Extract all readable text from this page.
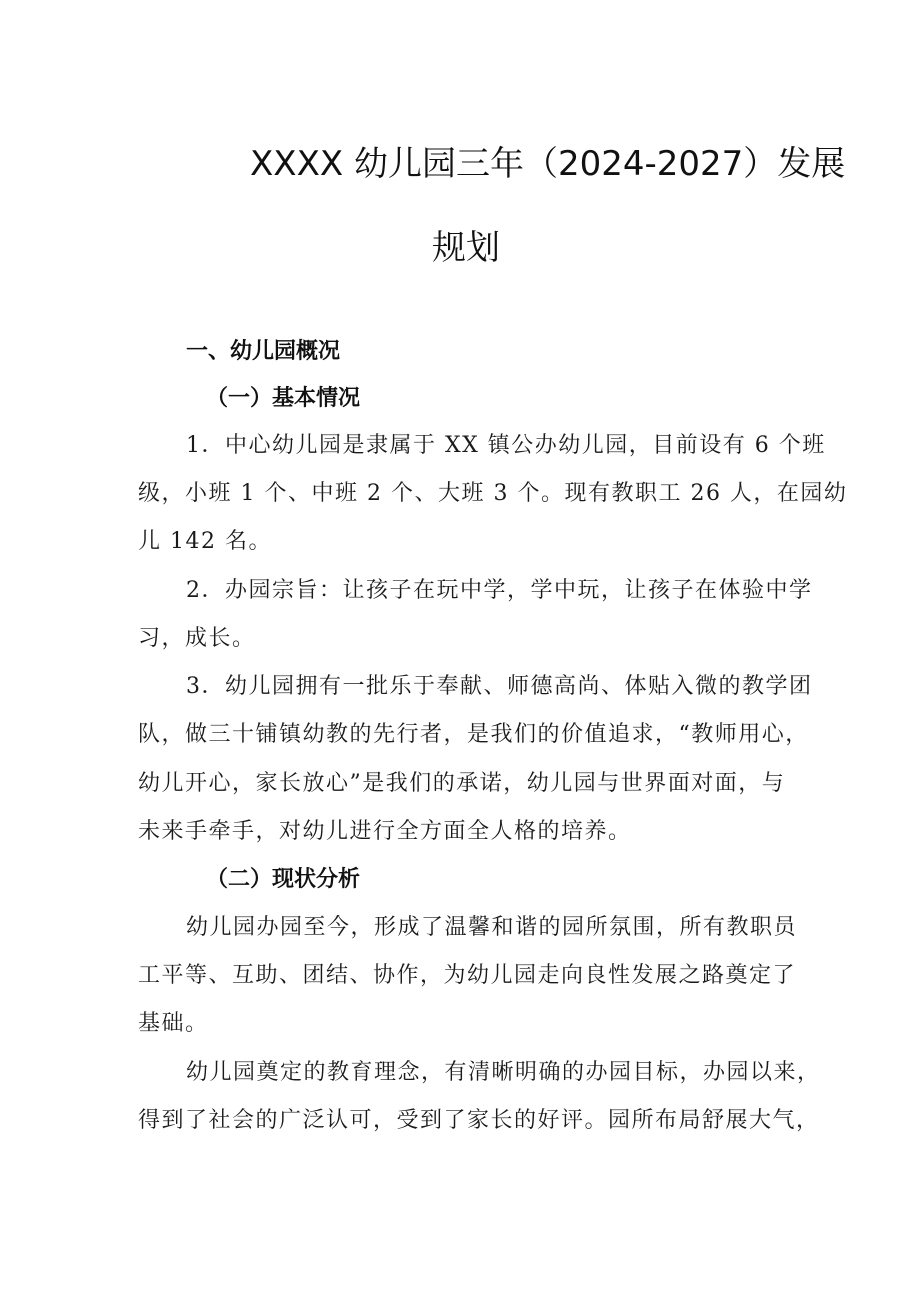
XXXX 幼儿园三年（2024-2027）发展
规划
一、幼儿园概况
（一）基本情况
1．中心幼儿园是隶属于 XX 镇公办幼儿园，目前设有 6 个班
级，小班 1 个、中班 2 个、大班 3 个。现有教职工 26 人，在园幼
儿 142 名。
2．办园宗旨：让孩子在玩中学，学中玩，让孩子在体验中学
习，成长。
3．幼儿园拥有一批乐于奉献、师德高尚、体贴入微的教学团
队，做三十铺镇幼教的先行者，是我们的价值追求，“教师用心，
幼儿开心，家长放心”是我们的承诺，幼儿园与世界面对面，与
未来手牵手，对幼儿进行全方面全人格的培养。
（二）现状分析
幼儿园办园至今，形成了温馨和谐的园所氛围，所有教职员
工平等、互助、团结、协作，为幼儿园走向良性发展之路奠定了
基础。
幼儿园奠定的教育理念，有清晰明确的办园目标，办园以来，
得到了社会的广泛认可，受到了家长的好评。园所布局舒展大气，
